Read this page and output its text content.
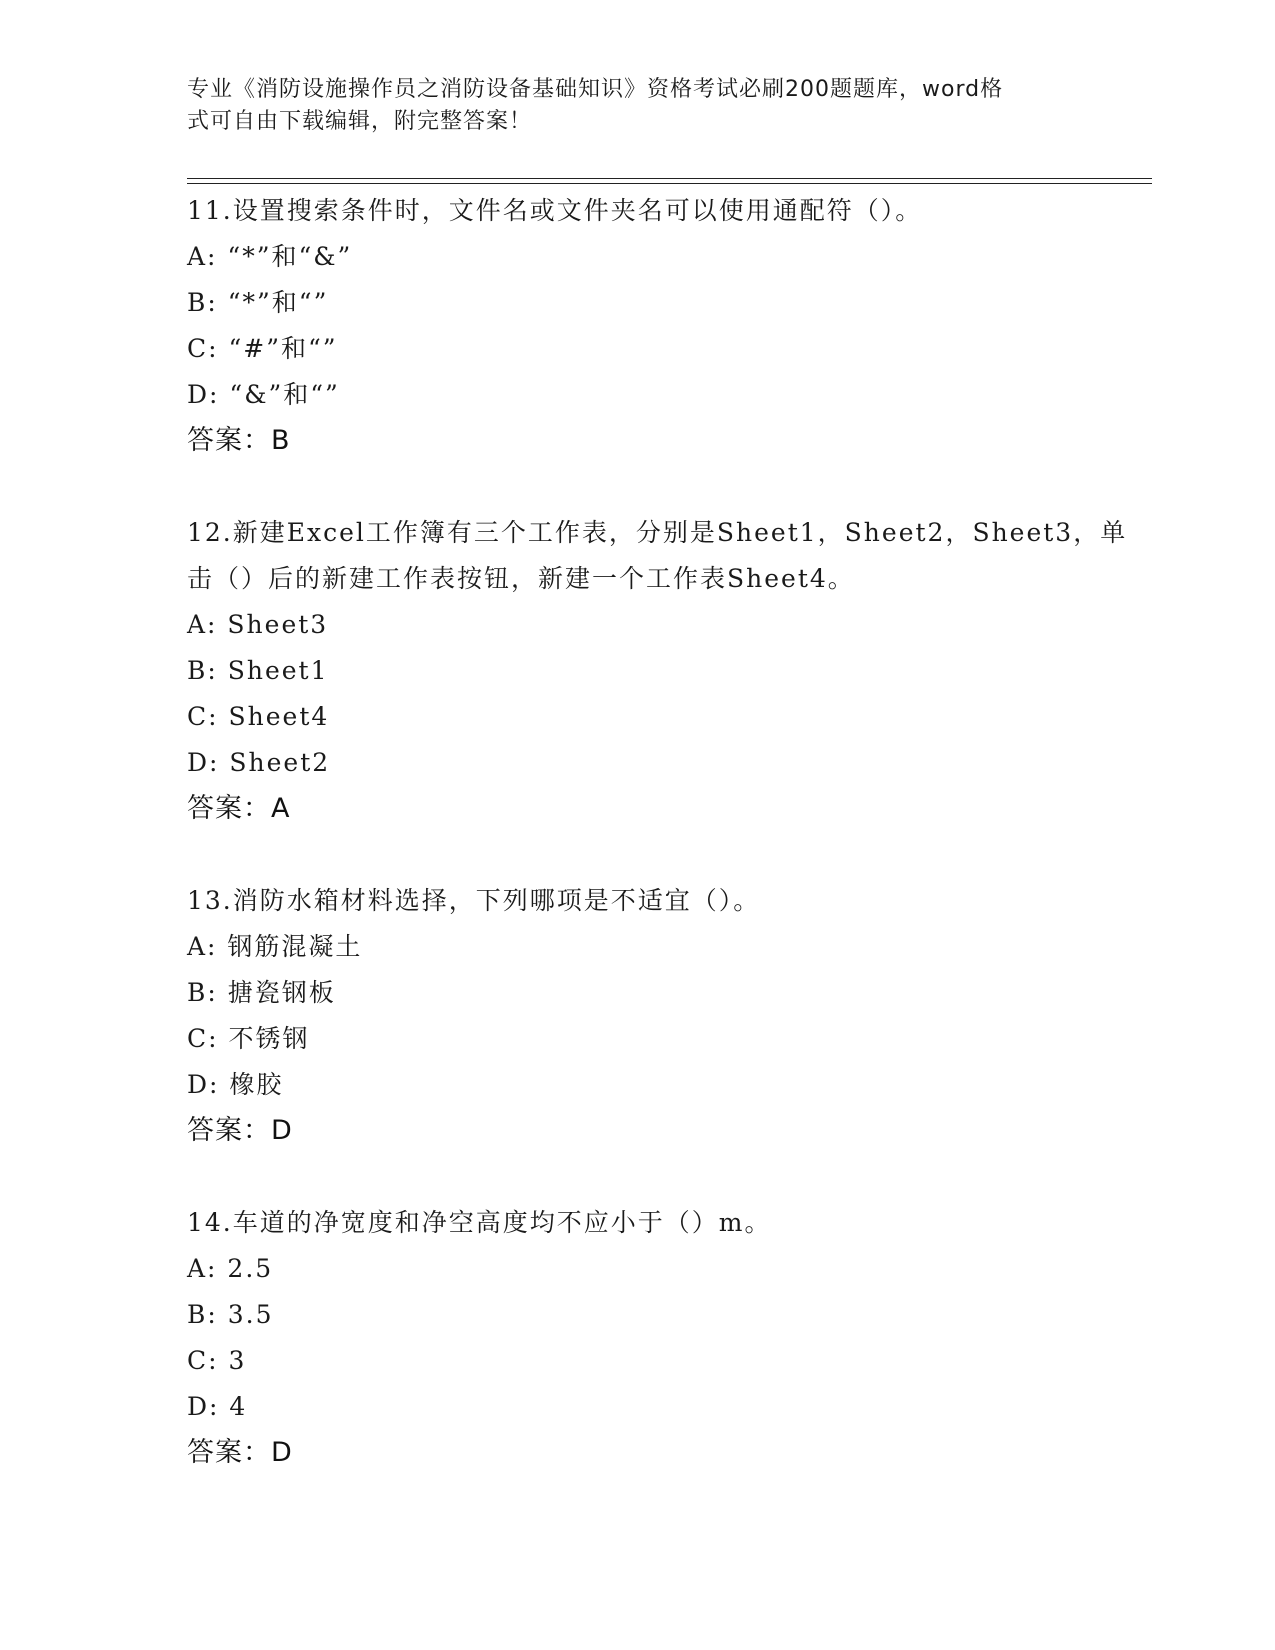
专业《消防设施操作员之消防设备基础知识》资格考试必刷200题题库，word格
式可自由下载编辑，附完整答案！
11.设置搜索条件时，文件名或文件夹名可以使用通配符（）。
A: “*”和“&”
B: “*”和“”
C: “#”和“”
D: “&”和“”
答案：B
12.新建Excel工作簿有三个工作表，分别是Sheet1，Sheet2，Sheet3，单击（）后的新建工作表按钮，新建一个工作表Sheet4。
A: Sheet3
B: Sheet1
C: Sheet4
D: Sheet2
答案：A
13.消防水箱材料选择，下列哪项是不适宜（）。
A: 钢筋混凝土
B: 搪瓷钢板
C: 不锈钢
D: 橡胶
答案：D
14.车道的净宽度和净空高度均不应小于（）m。
A: 2.5
B: 3.5
C: 3
D: 4
答案：D
